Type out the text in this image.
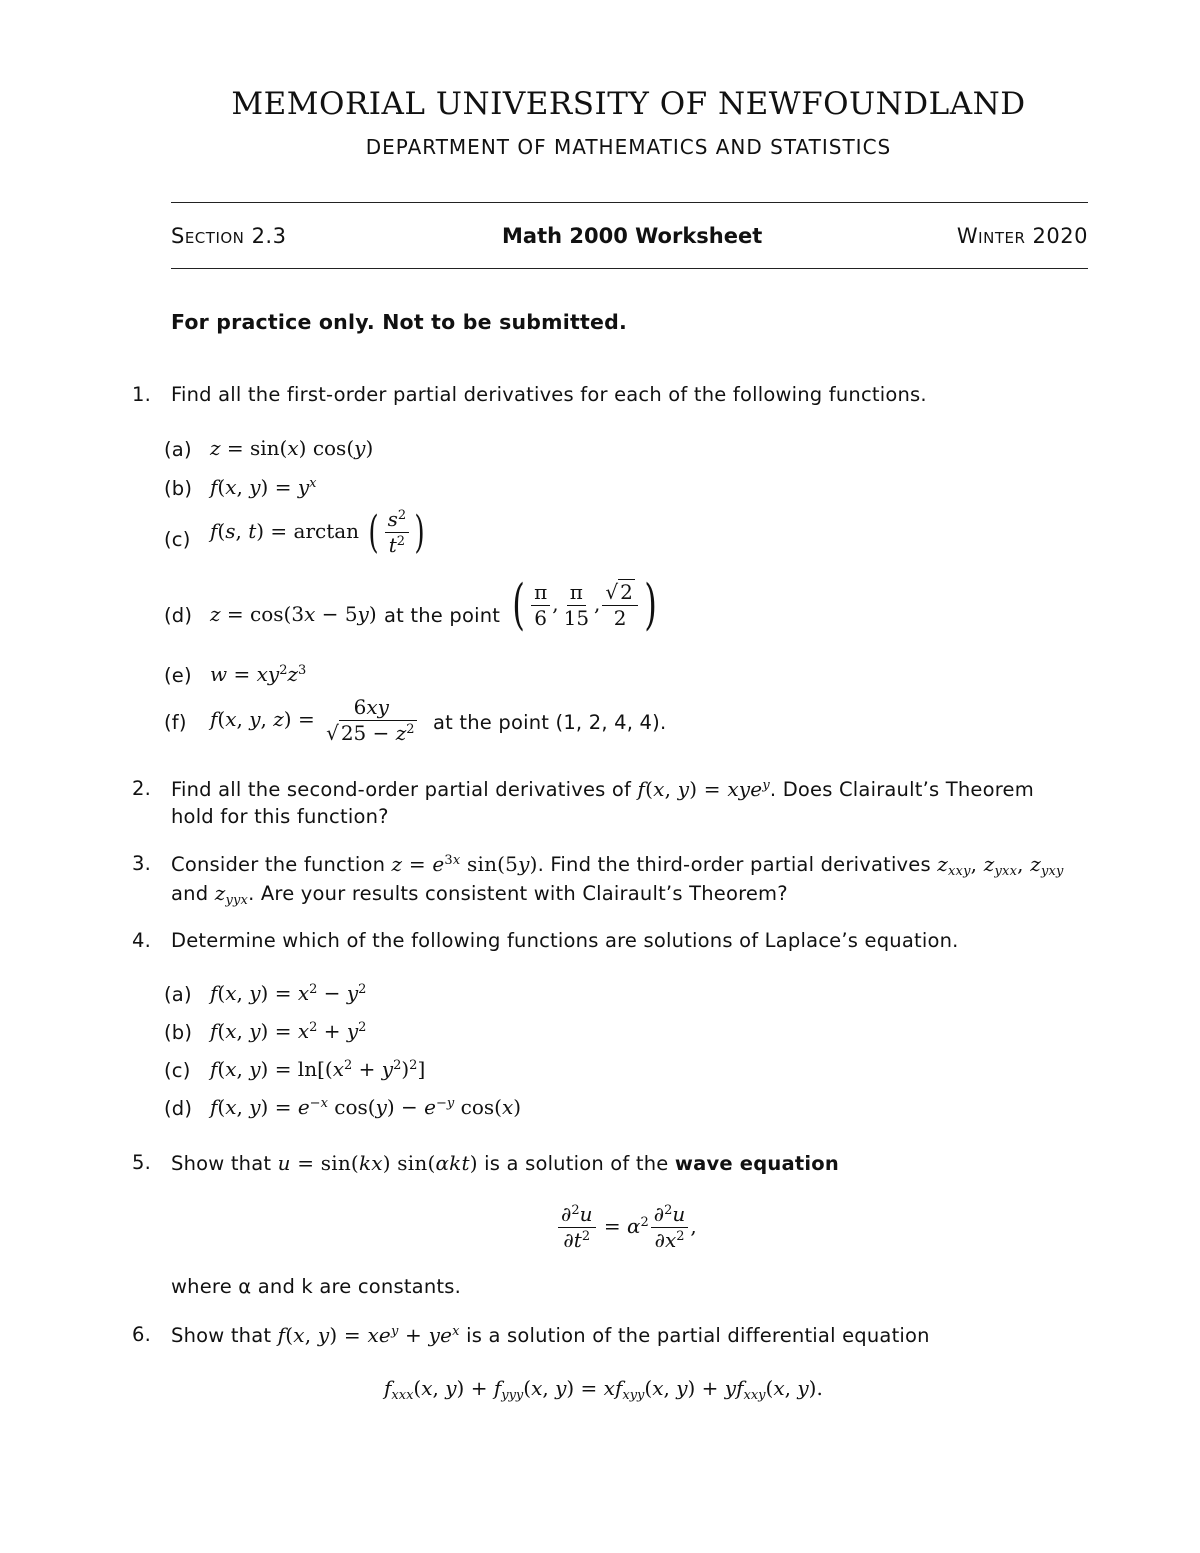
MEMORIAL UNIVERSITY OF NEWFOUNDLAND
DEPARTMENT OF MATHEMATICS AND STATISTICS
Section 2.3	Math 2000 Worksheet	Winter 2020
For practice only. Not to be submitted.
1. Find all the first-order partial derivatives for each of the following functions.
(a) z = sin(x) cos(y)
(b) f(x, $y) = y^x$
(c) f(s, t) = arctan ( $\frac{s^2}{t^2}$ )
(d) z = cos(3x − 5y) at the point ( $\frac{\pi}{6}$ , $\frac{\pi}{15}$ , $\frac{√ 2}{2}$ )
(e) $w = xy^2z^3$
(f) f(x, y, $z) = \frac{6xy}{√ 25 - z^2}$ at the point (1, 2, 4, 4).
2. Find all the second-order partial derivatives of f(x, y) = xye$^y$. Does Clairault’s Theorem
hold for this function?
3. Consider the function $z = e^{3x}$ sin(5y). Find the third-order partial derivatives $z_{xxy}$, $z_{yxx}$, $z_{yxy}$
and $z_{yyx}$. Are your results consistent with Clairault’s Theorem?
4. Determine which of the following functions are solutions of Laplace’s equation.
(a) f(x, $y) = x^2 - y^2$
(b) f(x, $y) = x^2 + y^2$
(c) f(x, $y) = \ln[(x^2 + y^2)^2]$
(d) f(x, $y) = e^{-x}$ $\cos(y) - e^{-y}$ cos(x)
5. Show that u = sin(kx) sin(αkt) is a solution of the wave equation
$\frac{\partial^2u}{\partial t^2} = \alpha^2 \frac{\partial^2u}{\partial x^2}$ ,
where α and k are constants.
6. Show that f(x, $y) = xe^y + ye^x$ is a solution of the partial differential equation
$f_{xxx}(x$, $y) + f_{yyy}(x$, $y) = xf_{xyy}(x$, $y) + yf_{xxy}(x$, y).
